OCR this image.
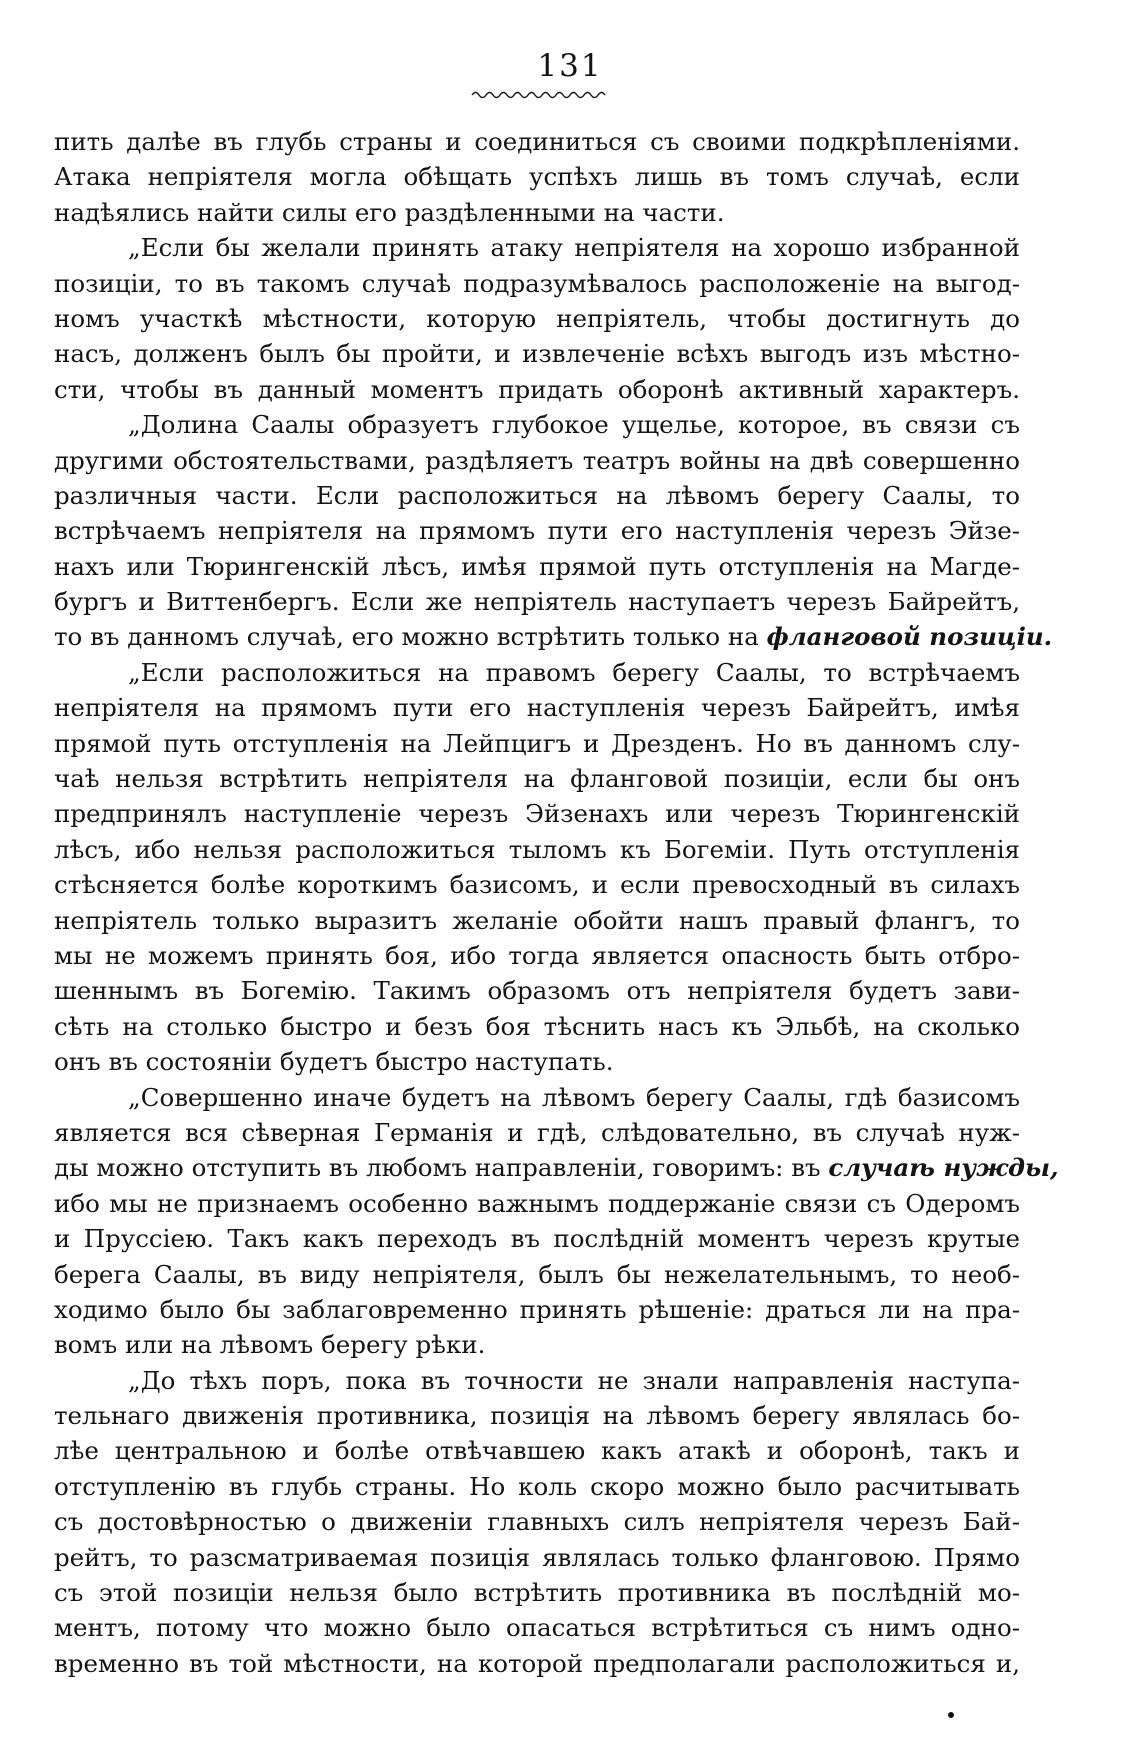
131
пить далѣе въ глубь страны и соединиться съ своими подкрѣпленіями.
Атака непріятеля могла обѣщать успѣхъ лишь въ томъ случаѣ, если
надѣялись найти силы его раздѣленными на части.
„Если бы желали принять атаку непріятеля на хорошо избранной
позиціи, то въ такомъ случаѣ подразумѣвалось расположеніе на выгод-
номъ участкѣ мѣстности, которую непріятель, чтобы достигнуть до
насъ, долженъ былъ бы пройти, и извлеченіе всѣхъ выгодъ изъ мѣстно-
сти, чтобы въ данный моментъ придать оборонѣ активный характеръ.
„Долина Саалы образуетъ глубокое ущелье, которое, въ связи съ
другими обстоятельствами, раздѣляетъ театръ войны на двѣ совершенно
различныя части. Если расположиться на лѣвомъ берегу Саалы, то
встрѣчаемъ непріятеля на прямомъ пути его наступленія черезъ Эйзе-
нахъ или Тюрингенскій лѣсъ, имѣя прямой путь отступленія на Магде-
бургъ и Виттенбергъ. Если же непріятель наступаетъ черезъ Байрейтъ,
то въ данномъ случаѣ, его можно встрѣтить только на фланговой позиціи.
„Если расположиться на правомъ берегу Саалы, то встрѣчаемъ
непріятеля на прямомъ пути его наступленія черезъ Байрейтъ, имѣя
прямой путь отступленія на Лейпцигъ и Дрезденъ. Но въ данномъ слу-
чаѣ нельзя встрѣтить непріятеля на фланговой позиціи, если бы онъ
предпринялъ наступленіе черезъ Эйзенахъ или черезъ Тюрингенскій
лѣсъ, ибо нельзя расположиться тыломъ къ Богеміи. Путь отступленія
стѣсняется болѣе короткимъ базисомъ, и если превосходный въ силахъ
непріятель только выразитъ желаніе обойти нашъ правый флангъ, то
мы не можемъ принять боя, ибо тогда является опасность быть отбро-
шеннымъ въ Богемію. Такимъ образомъ отъ непріятеля будетъ зави-
сѣть на столько быстро и безъ боя тѣснить насъ къ Эльбѣ, на сколько
онъ въ состояніи будетъ быстро наступать.
„Совершенно иначе будетъ на лѣвомъ берегу Саалы, гдѣ базисомъ
является вся сѣверная Германія и гдѣ, слѣдовательно, въ случаѣ нуж-
ды можно отступить въ любомъ направленіи, говоримъ: въ случаѣ нужды,
ибо мы не признаемъ особенно важнымъ поддержаніе связи съ Одеромъ
и Пруссіею. Такъ какъ переходъ въ послѣдній моментъ черезъ крутые
берега Саалы, въ виду непріятеля, былъ бы нежелательнымъ, то необ-
ходимо было бы заблаговременно принять рѣшеніе: драться ли на пра-
вомъ или на лѣвомъ берегу рѣки.
„До тѣхъ поръ, пока въ точности не знали направленія наступа-
тельнаго движенія противника, позиція на лѣвомъ берегу являлась бо-
лѣе центральною и болѣе отвѣчавшею какъ атакѣ и оборонѣ, такъ и
отступленію въ глубь страны. Но коль скоро можно было расчитывать
съ достовѣрностью о движеніи главныхъ силъ непріятеля черезъ Бай-
рейтъ, то разсматриваемая позиція являлась только фланговою. Прямо
съ этой позиціи нельзя было встрѣтить противника въ послѣдній мо-
ментъ, потому что можно было опасаться встрѣтиться съ нимъ одно-
временно въ той мѣстности, на которой предполагали расположиться и,
